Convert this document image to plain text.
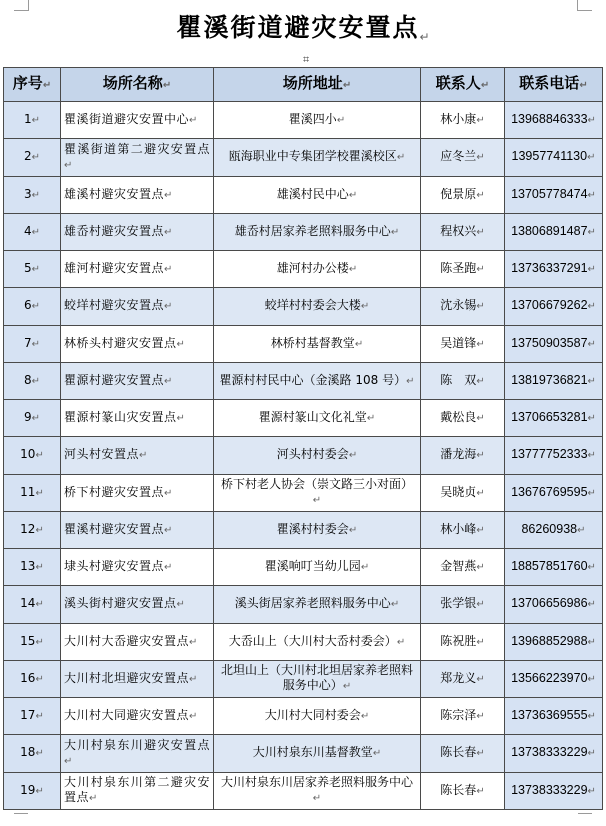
瞿溪街道避灾安置点↵
⌗
序号↵	场所名称↵	场所地址↵	联系人↵	联系电话↵
1↵	瞿溪街道避灾安置中心↵	瞿溪四小↵	林小康↵	13968846333↵
2↵	瞿溪街道第二避灾安置点↵	瓯海职业中专集团学校瞿溪校区↵	应冬兰↵	13957741130↵
3↵	雄溪村避灾安置点↵	雄溪村民中心↵	倪景原↵	13705778474↵
4↵	雄岙村避灾安置点↵	雄岙村居家养老照料服务中心↵	程权兴↵	13806891487↵
5↵	雄河村避灾安置点↵	雄河村办公楼↵	陈圣跑↵	13736337291↵
6↵	蛟垟村避灾安置点↵	蛟垟村村委会大楼↵	沈永锡↵	13706679262↵
7↵	林桥头村避灾安置点↵	林桥村基督教堂↵	吴道锋↵	13750903587↵
8↵	瞿源村避灾安置点↵	瞿源村村民中心（金溪路 108 号）↵	陈　双↵	13819736821↵
9↵	瞿源村篆山灾安置点↵	瞿源村篆山文化礼堂↵	戴松良↵	13706653281↵
10↵	河头村安置点↵	河头村村委会↵	潘龙海↵	13777752333↵
11↵	桥下村避灾安置点↵	桥下村老人协会（崇文路三小对面）↵	吴晓贞↵	13676769595↵
12↵	瞿溪村避灾安置点↵	瞿溪村村委会↵	林小峰↵	86260938↵
13↵	埭头村避灾安置点↵	瞿溪响叮当幼儿园↵	金智燕↵	18857851760↵
14↵	溪头街村避灾安置点↵	溪头街居家养老照料服务中心↵	张学银↵	13706656986↵
15↵	大川村大岙避灾安置点↵	大岙山上（大川村大岙村委会）↵	陈祝胜↵	13968852988↵
16↵	大川村北坦避灾安置点↵	北坦山上（大川村北坦居家养老照料服务中心）↵	郑龙义↵	13566223970↵
17↵	大川村大同避灾安置点↵	大川村大同村委会↵	陈宗泽↵	13736369555↵
18↵	大川村泉东川避灾安置点↵	大川村泉东川基督教堂↵	陈长春↵	13738333229↵
19↵	大川村泉东川第二避灾安置点↵	大川村泉东川居家养老照料服务中心↵	陈长春↵	13738333229↵
